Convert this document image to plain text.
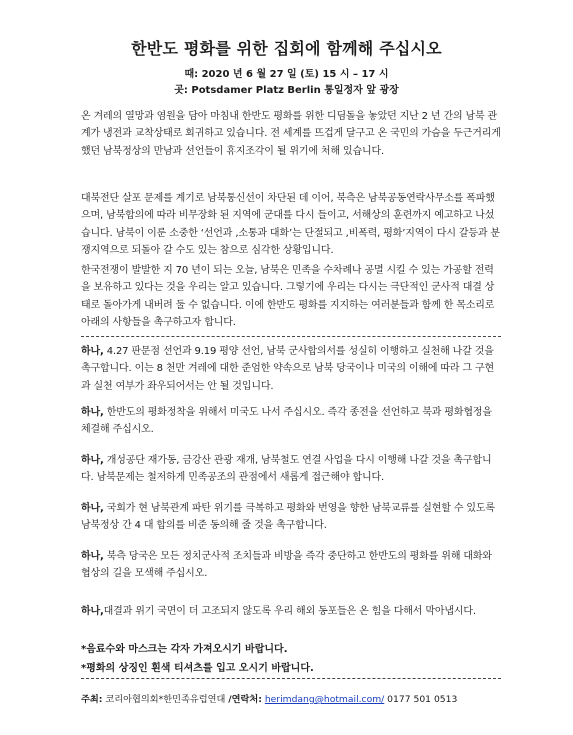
한반도 평화를 위한 집회에 함께해 주십시오
때: 2020 년 6 월 27 일 (토) 15 시 – 17 시
곳: Potsdamer Platz Berlin 통일정자 앞 광장

온 겨레의 열망과 염원을 담아 마침내 한반도 평화를 위한 디딤돌을 놓았던 지난 2 년 간의 남북 관계가 냉전과 교착상태로 회귀하고 있습니다. 전 세계를 뜨겁게 달구고 온 국민의 가슴을 두근거리게 했던 남북정상의 만남과 선언들이 휴지조각이 될 위기에 처해 있습니다.

대북전단 살포 문제를 계기로 남북통신선이 차단된 데 이어, 북측은 남북공동연락사무소를 폭파했으며, 남북합의에 따라 비무장화 된 지역에 군대를 다시 들이고, 서해상의 훈련까지 예고하고 나섰습니다. 남북이 이룬 소중한 ‘선언과 ,소통과 대화’는 단절되고 ,비폭력, 평화’지역이 다시 갈등과 분쟁지역으로 되돌아 갈 수도 있는 참으로 심각한 상황입니다.

한국전쟁이 발발한 지 70 년이 되는 오늘, 남북은 민족을 수차례나 공멸 시킬 수 있는 가공할 전력을 보유하고 있다는 것을 우리는 알고 있습니다. 그렇기에 우리는 다시는 극단적인 군사적 대결 상태로 돌아가게 내버려 둘 수 없습니다. 이에 한반도 평화를 지지하는 여러분들과 함께 한 목소리로 아래의 사항들을 촉구하고자 합니다.

하나, 4.27 판문점 선언과 9.19 평양 선언, 남북 군사합의서를 성실히 이행하고 실천해 나갈 것을 촉구합니다. 이는 8 천만 겨레에 대한 준엄한 약속으로 남북 당국이나 미국의 이해에 따라 그 구현과 실천 여부가 좌우되어서는 안 될 것입니다.

하나, 한반도의 평화정착을 위해서 미국도 나서 주십시오. 즉각 종전을 선언하고 북과 평화협정을 체결해 주십시오.

하나, 개성공단 재가동, 금강산 관광 재개, 남북철도 연결 사업을 다시 이행해 나갈 것을 촉구합니다. 남북문제는 철저하게 민족공조의 관점에서 새롭게 접근해야 합니다.

하나, 국회가 현 남북관계 파탄 위기를 극복하고 평화와 번영을 향한 남북교류를 실현할 수 있도록 남북정상 간 4 대 합의를 비준 동의해 줄 것을 촉구합니다.

하나, 북측 당국은 모든 정치군사적 조치들과 비방을 즉각 중단하고 한반도의 평화를 위해 대화와 협상의 길을 모색해 주십시오.

하나,대결과 위기 국면이 더 고조되지 않도록 우리 해외 동포들은 온 힘을 다해서 막아냅시다.

*음료수와 마스크는 각자 가져오시기 바랍니다.
*평화의 상징인 흰색 티셔츠를 입고 오시기 바랍니다.
주최: 코리아협의회*한민족유럽연대 /연락처: herimdang@hotmail.com/ 0177 501 0513
